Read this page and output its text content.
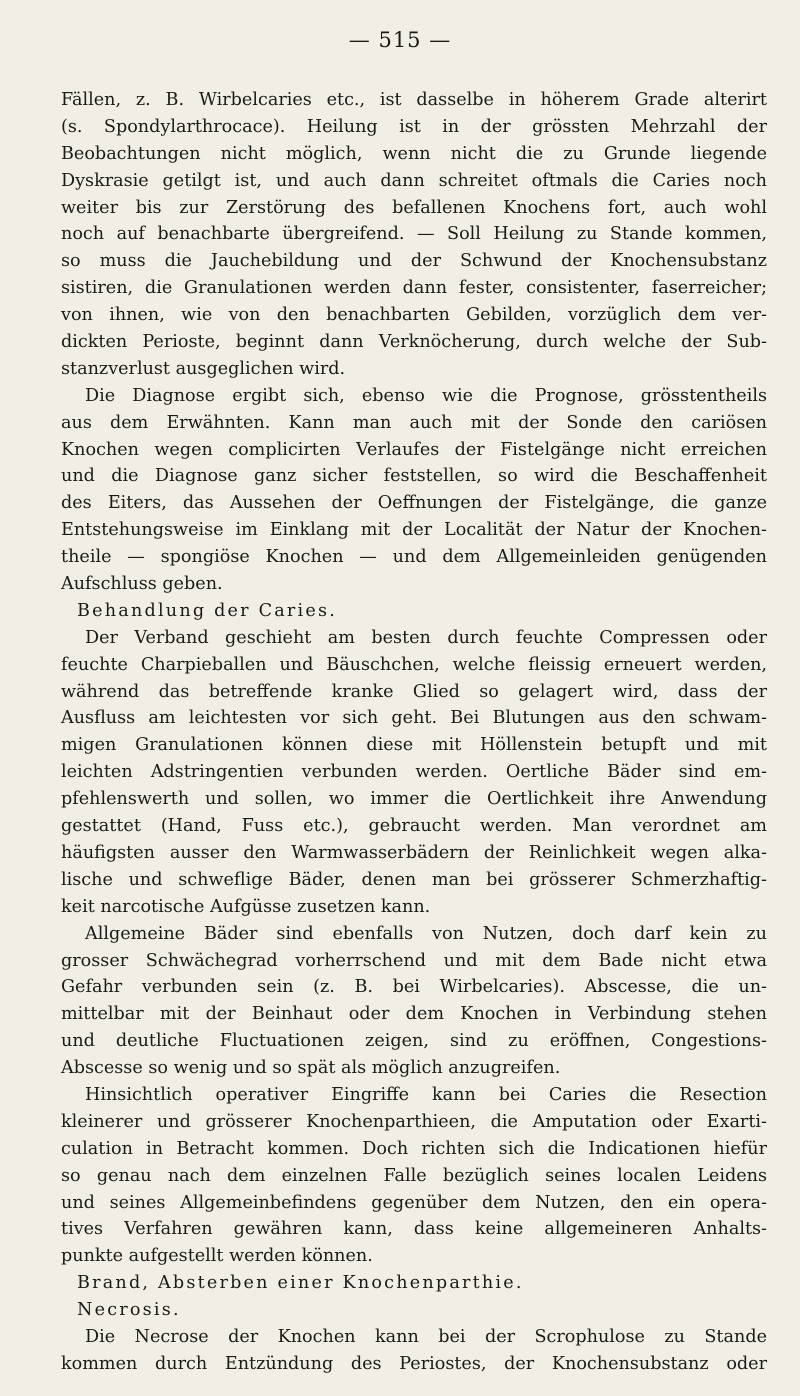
— 515 —
Fällen, z. B. Wirbelcaries etc., ist dasselbe in höherem Grade alterirt
(s. Spondylarthrocace). Heilung ist in der grössten Mehrzahl der
Beobachtungen nicht möglich, wenn nicht die zu Grunde liegende
Dyskrasie getilgt ist, und auch dann schreitet oftmals die Caries noch
weiter bis zur Zerstörung des befallenen Knochens fort, auch wohl
noch auf benachbarte übergreifend. — Soll Heilung zu Stande kommen,
so muss die Jauchebildung und der Schwund der Knochensubstanz
sistiren, die Granulationen werden dann fester, consistenter, faserreicher;
von ihnen, wie von den benachbarten Gebilden, vorzüglich dem ver-
dickten Perioste, beginnt dann Verknöcherung, durch welche der Sub-
stanzverlust ausgeglichen wird.
Die Diagnose ergibt sich, ebenso wie die Prognose, grösstentheils
aus dem Erwähnten. Kann man auch mit der Sonde den cariösen
Knochen wegen complicirten Verlaufes der Fistelgänge nicht erreichen
und die Diagnose ganz sicher feststellen, so wird die Beschaffenheit
des Eiters, das Aussehen der Oeffnungen der Fistelgänge, die ganze
Entstehungsweise im Einklang mit der Localität der Natur der Knochen-
theile — spongiöse Knochen — und dem Allgemeinleiden genügenden
Aufschluss geben.
Behandlung der Caries.
Der Verband geschieht am besten durch feuchte Compressen oder
feuchte Charpieballen und Bäuschchen, welche fleissig erneuert werden,
während das betreffende kranke Glied so gelagert wird, dass der
Ausfluss am leichtesten vor sich geht. Bei Blutungen aus den schwam-
migen Granulationen können diese mit Höllenstein betupft und mit
leichten Adstringentien verbunden werden. Oertliche Bäder sind em-
pfehlenswerth und sollen, wo immer die Oertlichkeit ihre Anwendung
gestattet (Hand, Fuss etc.), gebraucht werden. Man verordnet am
häufigsten ausser den Warmwasserbädern der Reinlichkeit wegen alka-
lische und schweflige Bäder, denen man bei grösserer Schmerzhaftig-
keit narcotische Aufgüsse zusetzen kann.
Allgemeine Bäder sind ebenfalls von Nutzen, doch darf kein zu
grosser Schwächegrad vorherrschend und mit dem Bade nicht etwa
Gefahr verbunden sein (z. B. bei Wirbelcaries). Abscesse, die un-
mittelbar mit der Beinhaut oder dem Knochen in Verbindung stehen
und deutliche Fluctuationen zeigen, sind zu eröffnen, Congestions-
Abscesse so wenig und so spät als möglich anzugreifen.
Hinsichtlich operativer Eingriffe kann bei Caries die Resection
kleinerer und grösserer Knochenparthieen, die Amputation oder Exarti-
culation in Betracht kommen. Doch richten sich die Indicationen hiefür
so genau nach dem einzelnen Falle bezüglich seines localen Leidens
und seines Allgemeinbefindens gegenüber dem Nutzen, den ein opera-
tives Verfahren gewähren kann, dass keine allgemeineren Anhalts-
punkte aufgestellt werden können.
Brand, Absterben einer Knochenparthie.
Necrosis.
Die Necrose der Knochen kann bei der Scrophulose zu Stande
kommen durch Entzündung des Periostes, der Knochensubstanz oder
